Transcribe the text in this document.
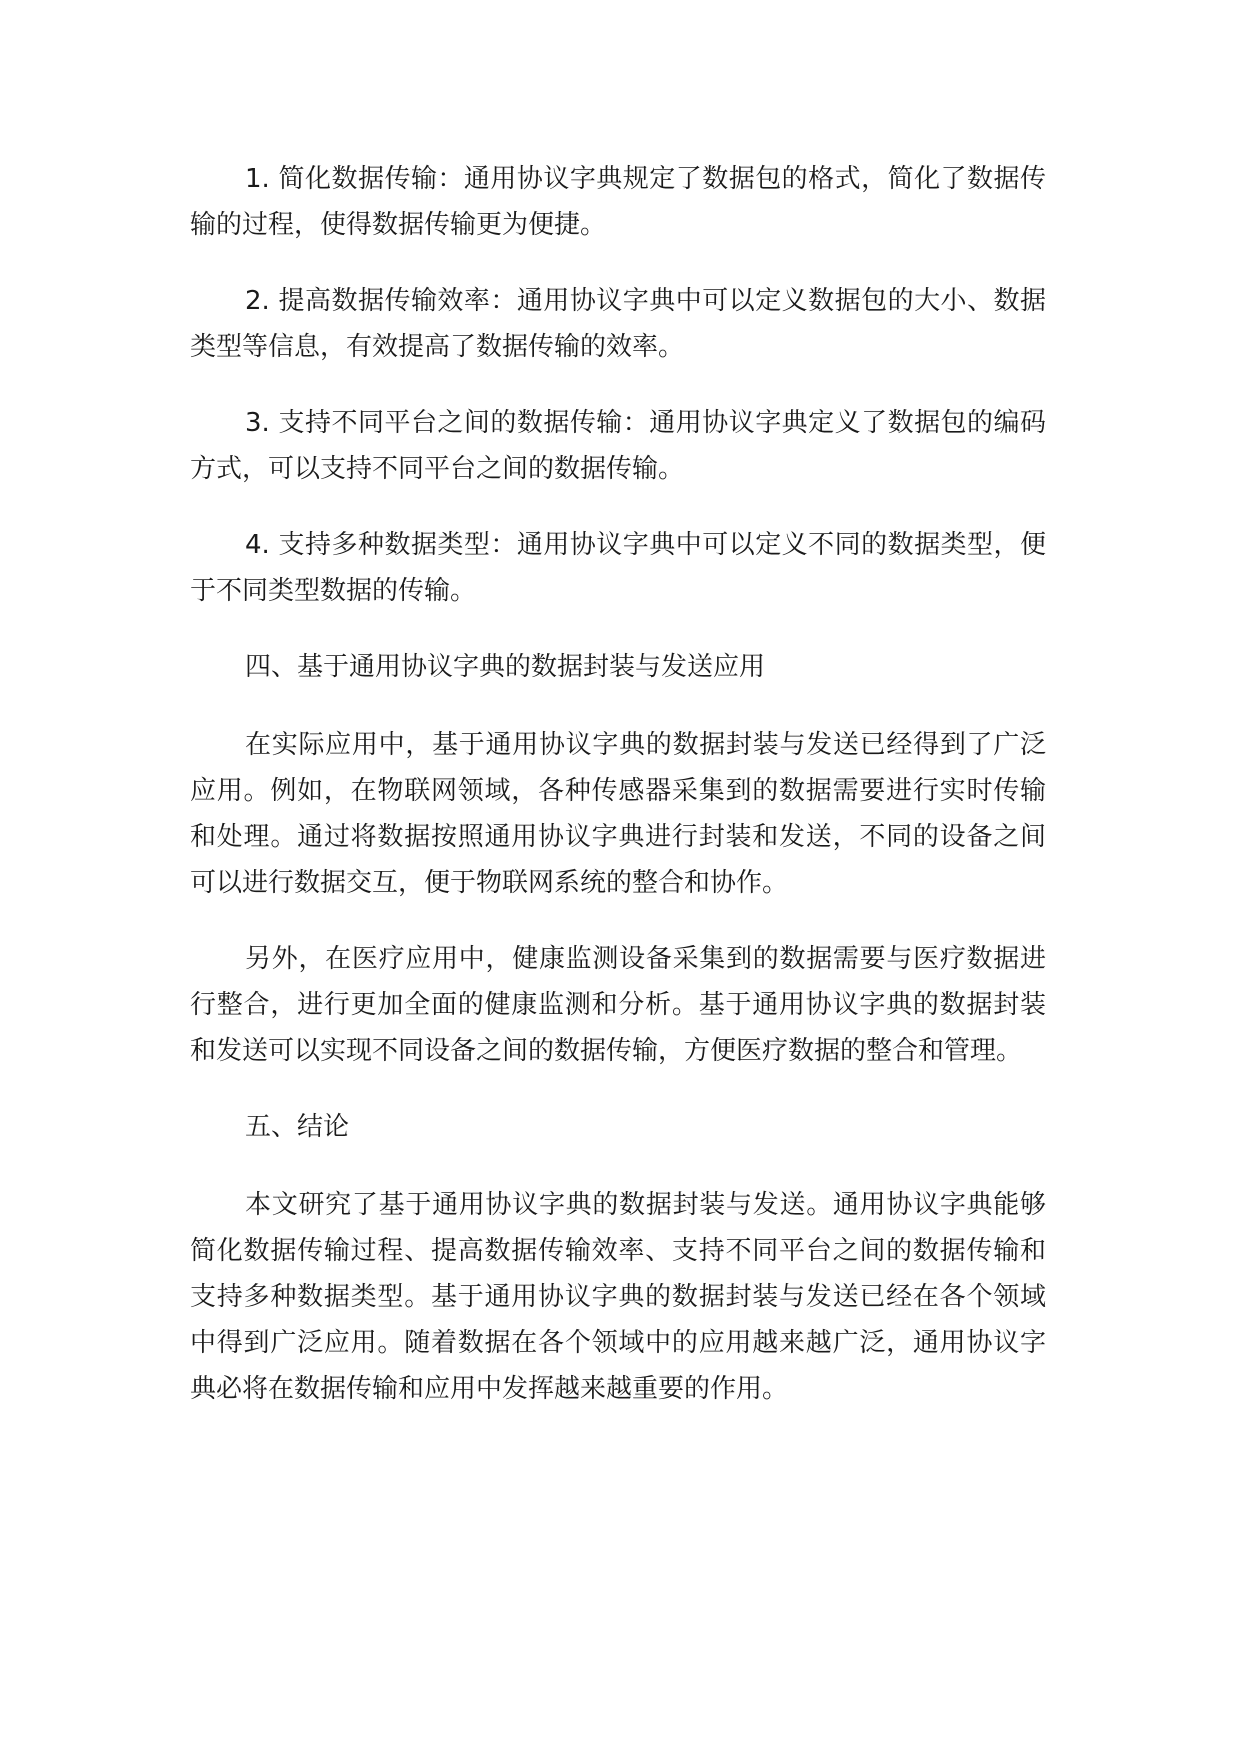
1. 简化数据传输：通用协议字典规定了数据包的格式，简化了数据传输的过程，使得数据传输更为便捷。

2. 提高数据传输效率：通用协议字典中可以定义数据包的大小、数据类型等信息，有效提高了数据传输的效率。

3. 支持不同平台之间的数据传输：通用协议字典定义了数据包的编码方式，可以支持不同平台之间的数据传输。

4. 支持多种数据类型：通用协议字典中可以定义不同的数据类型，便于不同类型数据的传输。

四、基于通用协议字典的数据封装与发送应用

在实际应用中，基于通用协议字典的数据封装与发送已经得到了广泛应用。例如，在物联网领域，各种传感器采集到的数据需要进行实时传输和处理。通过将数据按照通用协议字典进行封装和发送，不同的设备之间可以进行数据交互，便于物联网系统的整合和协作。

另外，在医疗应用中，健康监测设备采集到的数据需要与医疗数据进行整合，进行更加全面的健康监测和分析。基于通用协议字典的数据封装和发送可以实现不同设备之间的数据传输，方便医疗数据的整合和管理。

五、结论

本文研究了基于通用协议字典的数据封装与发送。通用协议字典能够简化数据传输过程、提高数据传输效率、支持不同平台之间的数据传输和支持多种数据类型。基于通用协议字典的数据封装与发送已经在各个领域中得到广泛应用。随着数据在各个领域中的应用越来越广泛，通用协议字典必将在数据传输和应用中发挥越来越重要的作用。
